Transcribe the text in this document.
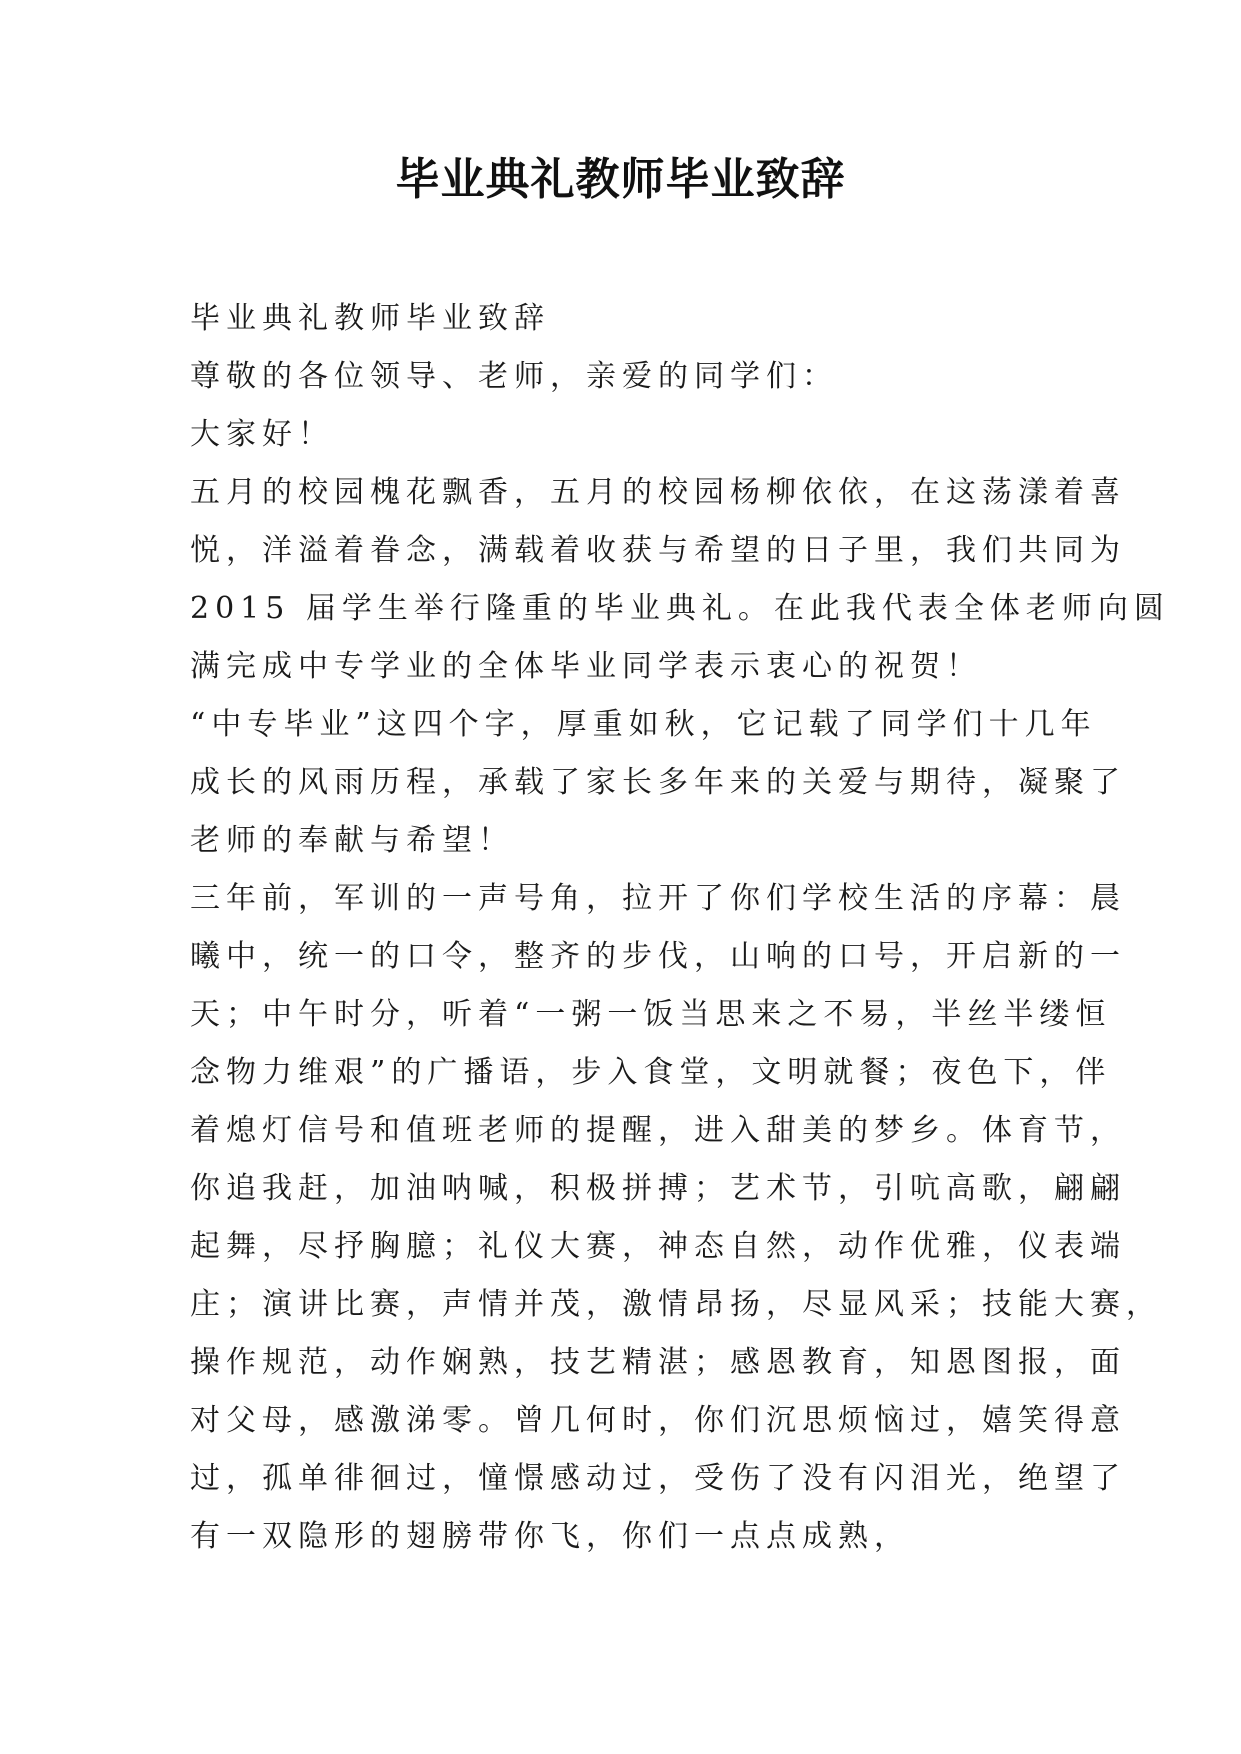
毕业典礼教师毕业致辞
毕业典礼教师毕业致辞
尊敬的各位领导、老师，亲爱的同学们：
大家好！
五月的校园槐花飘香，五月的校园杨柳依依，在这荡漾着喜
悦，洋溢着眷念，满载着收获与希望的日子里，我们共同为
2015 届学生举行隆重的毕业典礼。在此我代表全体老师向圆
满完成中专学业的全体毕业同学表示衷心的祝贺！
“中专毕业”这四个字，厚重如秋，它记载了同学们十几年
成长的风雨历程，承载了家长多年来的关爱与期待，凝聚了
老师的奉献与希望！
三年前，军训的一声号角，拉开了你们学校生活的序幕：晨
曦中，统一的口令，整齐的步伐，山响的口号，开启新的一
天；中午时分，听着“一粥一饭当思来之不易，半丝半缕恒
念物力维艰”的广播语，步入食堂，文明就餐；夜色下，伴
着熄灯信号和值班老师的提醒，进入甜美的梦乡。体育节，
你追我赶，加油呐喊，积极拼搏；艺术节，引吭高歌，翩翩
起舞，尽抒胸臆；礼仪大赛，神态自然，动作优雅，仪表端
庄；演讲比赛，声情并茂，激情昂扬，尽显风采；技能大赛，
操作规范，动作娴熟，技艺精湛；感恩教育，知恩图报，面
对父母，感激涕零。曾几何时，你们沉思烦恼过，嬉笑得意
过，孤单徘徊过，憧憬感动过，受伤了没有闪泪光，绝望了
有一双隐形的翅膀带你飞，你们一点点成熟，
